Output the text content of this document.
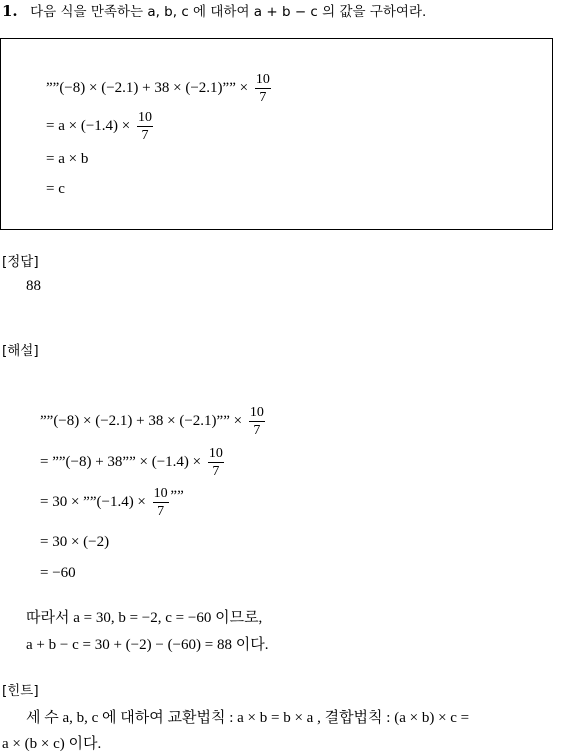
1. 다음 식을 만족하는 a, b, c 에 대하여 a + b − c 의 값을 구하여라.
””(−8) × (−2.1) + 38 × (−2.1)”” × $\frac{10}{7}$
= $a \times (-1.4) \times \frac{10}{7}$
= a × b
= c
[정답]
88
[해설]
””(−8) × (−2.1) + 38 × (−2.1)”” × $\frac{10}{7}$
= ””(−8) + 38”” × $(-1.4) \times \frac{10}{7}$
= 30 × ””(−1.4) × $\frac{10}{7}$ ””
= 30 × (−2)
= −60
따라서 a = 30, b = −2, c = −60 이므로,
a + b − c = 30 + (−2) − (−60) = 88 이다.
[힌트]
세 수 a, b, c 에 대하여 교환법칙 : a × b = b × a , 결합법칙 : (a × b) × c =
a × (b × c) 이다.
